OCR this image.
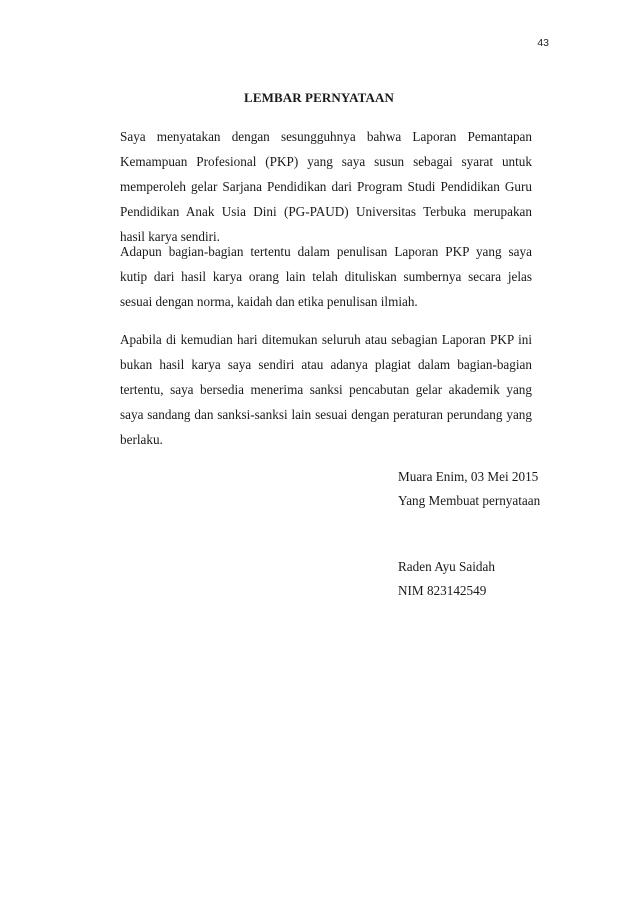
43
LEMBAR PERNYATAAN

Saya menyatakan dengan sesungguhnya bahwa Laporan Pemantapan Kemampuan Profesional (PKP) yang saya susun sebagai syarat untuk memperoleh gelar Sarjana Pendidikan dari Program Studi Pendidikan Guru Pendidikan Anak Usia Dini (PG-PAUD) Universitas Terbuka merupakan hasil karya sendiri.

Adapun bagian-bagian tertentu dalam penulisan Laporan PKP yang saya kutip dari hasil karya orang lain telah dituliskan sumbernya secara jelas sesuai dengan norma, kaidah dan etika penulisan ilmiah.

Apabila di kemudian hari ditemukan seluruh atau sebagian Laporan PKP ini bukan hasil karya saya sendiri atau adanya plagiat dalam bagian-bagian tertentu, saya bersedia menerima sanksi pencabutan gelar akademik yang saya sandang dan sanksi-sanksi lain sesuai dengan peraturan perundang yang berlaku.

Muara Enim, 03 Mei 2015
Yang Membuat pernyataan
Raden Ayu Saidah
NIM 823142549
